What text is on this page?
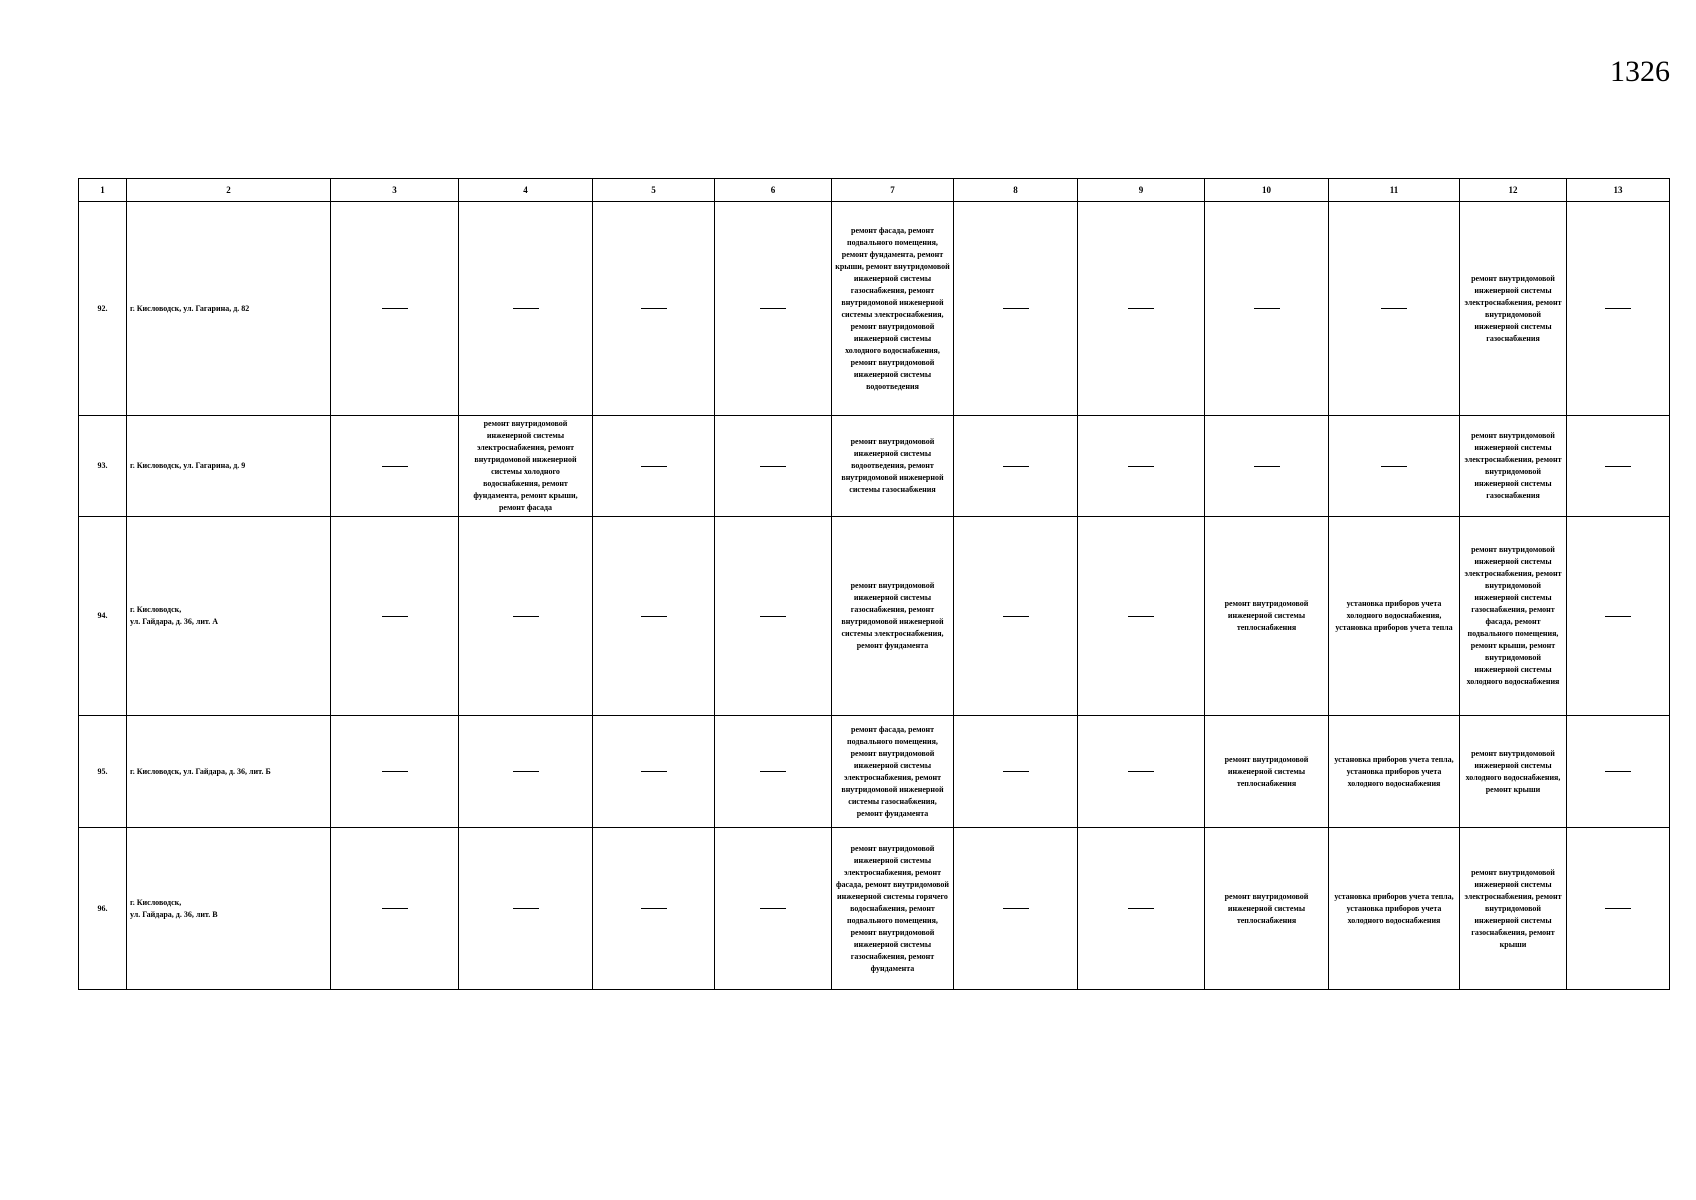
1326
1	2	3	4	5	6	7	8	9	10	11	12	13
92.	г. Кисловодск, ул. Гагарина, д. 82					ремонт фасада, ремонт подвального помещения, ремонт фундамента, ремонт крыши, ремонт внутридомовой инженерной системы газоснабжения, ремонт внутридомовой инженерной системы электроснабжения, ремонт внутридомовой инженерной системы холодного водоснабжения, ремонт внутридомовой инженерной системы водоотведения					ремонт внутридомовой инженерной системы электроснабжения, ремонт внутридомовой инженерной системы газоснабжения	
93.	г. Кисловодск, ул. Гагарина, д. 9		ремонт внутридомовой инженерной системы электроснабжения, ремонт внутридомовой инженерной системы холодного водоснабжения, ремонт фундамента, ремонт крыши, ремонт фасада			ремонт внутридомовой инженерной системы водоотведения, ремонт внутридомовой инженерной системы газоснабжения					ремонт внутридомовой инженерной системы электроснабжения, ремонт внутридомовой инженерной системы газоснабжения	
94.	г. Кисловодск,
ул. Гайдара, д. 36, лит. А					ремонт внутридомовой инженерной системы газоснабжения, ремонт внутридомовой инженерной системы электроснабжения, ремонт фундамента			ремонт внутридомовой инженерной системы теплоснабжения	установка приборов учета холодного водоснабжения, установка приборов учета тепла	ремонт внутридомовой инженерной системы электроснабжения, ремонт внутридомовой инженерной системы газоснабжения, ремонт фасада, ремонт подвального помещения, ремонт крыши, ремонт внутридомовой инженерной системы холодного водоснабжения	
95.	г. Кисловодск, ул. Гайдара, д. 36, лит. Б					ремонт фасада, ремонт подвального помещения, ремонт внутридомовой инженерной системы электроснабжения, ремонт внутридомовой инженерной системы газоснабжения, ремонт фундамента			ремонт внутридомовой инженерной системы теплоснабжения	установка приборов учета тепла, установка приборов учета холодного водоснабжения	ремонт внутридомовой инженерной системы холодного водоснабжения, ремонт крыши	
96.	г. Кисловодск,
ул. Гайдара, д. 36, лит. В					ремонт внутридомовой инженерной системы электроснабжения, ремонт фасада, ремонт внутридомовой инженерной системы горячего водоснабжения, ремонт подвального помещения, ремонт внутридомовой инженерной системы газоснабжения, ремонт фундамента			ремонт внутридомовой инженерной системы теплоснабжения	установка приборов учета тепла, установка приборов учета холодного водоснабжения	ремонт внутридомовой инженерной системы электроснабжения, ремонт внутридомовой инженерной системы газоснабжения, ремонт крыши	
